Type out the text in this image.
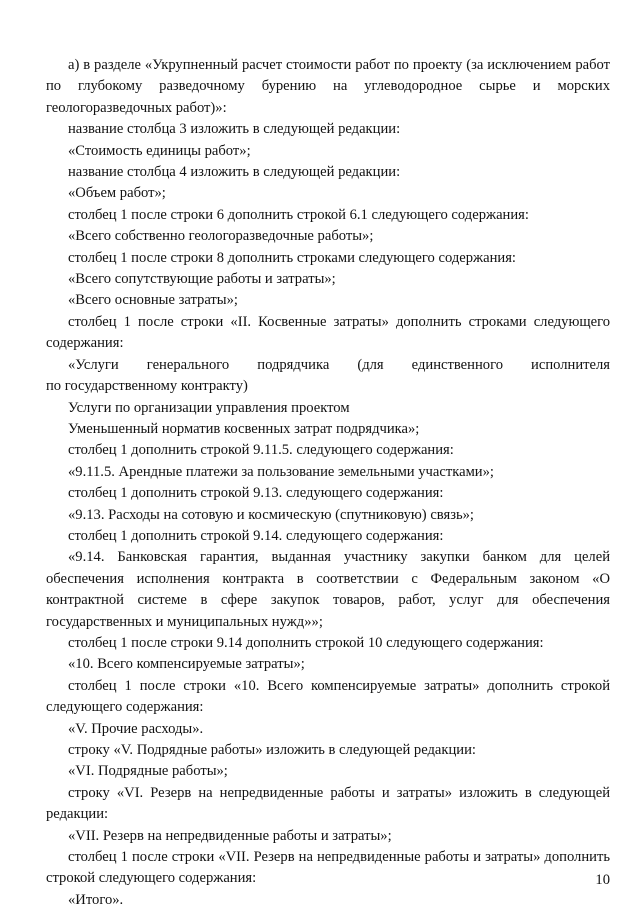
а) в разделе «Укрупненный расчет стоимости работ по проекту (за исключением работ по глубокому разведочному бурению на углеводородное сырье и морских геологоразведочных работ)»:

название столбца 3 изложить в следующей редакции:

«Стоимость единицы работ»;

название столбца 4 изложить в следующей редакции:

«Объем работ»;

столбец 1 после строки 6 дополнить строкой 6.1 следующего содержания:

«Всего собственно геологоразведочные работы»;

столбец 1 после строки 8 дополнить строками следующего содержания:

«Всего сопутствующие работы и затраты»;

«Всего основные затраты»;

столбец 1 после строки «II. Косвенные затраты» дополнить строками следующего содержания:

«Услуги генерального подрядчика (для единственного исполнителя

по государственному контракту)

Услуги по организации управления проектом

Уменьшенный норматив косвенных затрат подрядчика»;

столбец 1 дополнить строкой 9.11.5. следующего содержания:

«9.11.5. Арендные платежи за пользование земельными участками»;

столбец 1 дополнить строкой 9.13. следующего содержания:

«9.13. Расходы на сотовую и космическую (спутниковую) связь»;

столбец 1 дополнить строкой 9.14. следующего содержания:

«9.14. Банковская гарантия, выданная участнику закупки банком для целей обеспечения исполнения контракта в соответствии с Федеральным законом «О контрактной системе в сфере закупок товаров, работ, услуг для обеспечения государственных и муниципальных нужд»»;

столбец 1 после строки 9.14 дополнить строкой 10 следующего содержания:

«10. Всего компенсируемые затраты»;

столбец 1 после строки «10. Всего компенсируемые затраты» дополнить строкой следующего содержания:

«V. Прочие расходы».

строку «V. Подрядные работы» изложить в следующей редакции:

«VI. Подрядные работы»;

строку «VI. Резерв на непредвиденные работы и затраты» изложить в следующей редакции:

«VII. Резерв на непредвиденные работы и затраты»;

столбец 1 после строки «VII. Резерв на непредвиденные работы и затраты» дополнить строкой следующего содержания:

«Итого».

10
